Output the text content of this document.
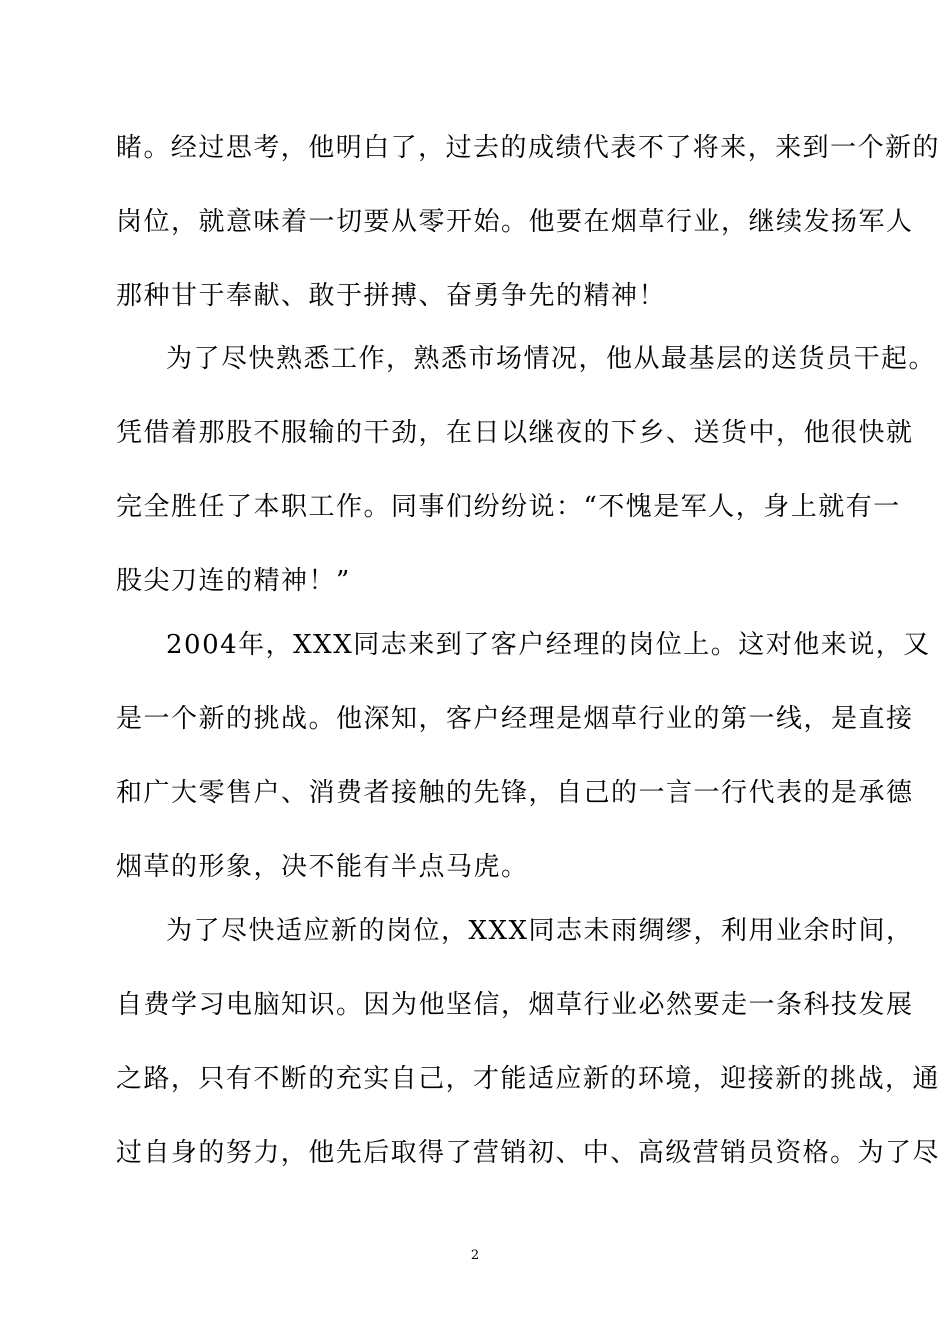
睹。经过思考，他明白了，过去的成绩代表不了将来，来到一个新的
岗位，就意味着一切要从零开始。他要在烟草行业，继续发扬军人
那种甘于奉献、敢于拼搏、奋勇争先的精神！
为了尽快熟悉工作，熟悉市场情况，他从最基层的送货员干起。
凭借着那股不服输的干劲，在日以继夜的下乡、送货中，他很快就
完全胜任了本职工作。同事们纷纷说：“不愧是军人，身上就有一
股尖刀连的精神！”
2004年，XXX同志来到了客户经理的岗位上。这对他来说，又
是一个新的挑战。他深知，客户经理是烟草行业的第一线，是直接
和广大零售户、消费者接触的先锋，自己的一言一行代表的是承德
烟草的形象，决不能有半点马虎。
为了尽快适应新的岗位，XXX同志未雨绸缪，利用业余时间，
自费学习电脑知识。因为他坚信，烟草行业必然要走一条科技发展
之路，只有不断的充实自己，才能适应新的环境，迎接新的挑战，通
过自身的努力，他先后取得了营销初、中、高级营销员资格。为了尽
2
